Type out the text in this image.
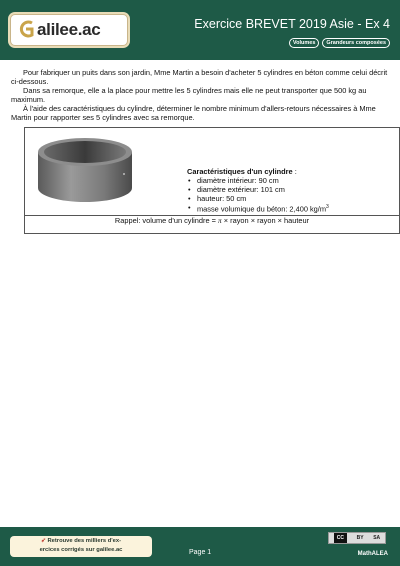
alilee.ac	Exercice BREVET 2019 Asie - Ex 4
Volumes	Grandeurs composées

Pour fabriquer un puits dans son jardin, Mme Martin a besoin d'acheter 5 cylindres en béton comme celui décrit ci-dessous.

Dans sa remorque, elle a la place pour mettre les 5 cylindres mais elle ne peut transporter que 500 kg au maximum.

À l'aide des caractéristiques du cylindre, déterminer le nombre minimum d'allers-retours nécessaires à Mme Martin pour rapporter ses 5 cylindres avec sa remorque.

Caractéristiques d'un cylindre :
• diamètre intérieur: 90 cm
• diamètre extérieur: 101 cm
• hauteur: 50 cm
• masse volumique du béton: 2,400 $kg/m^3$
Rappel: volume d'un cylindre = π × rayon × rayon × hauteur
➶ Retrouve des milliers d'ex-
ercices corrigés sur galilee.ac	Page 1
CC	BY SA
MathALEA
